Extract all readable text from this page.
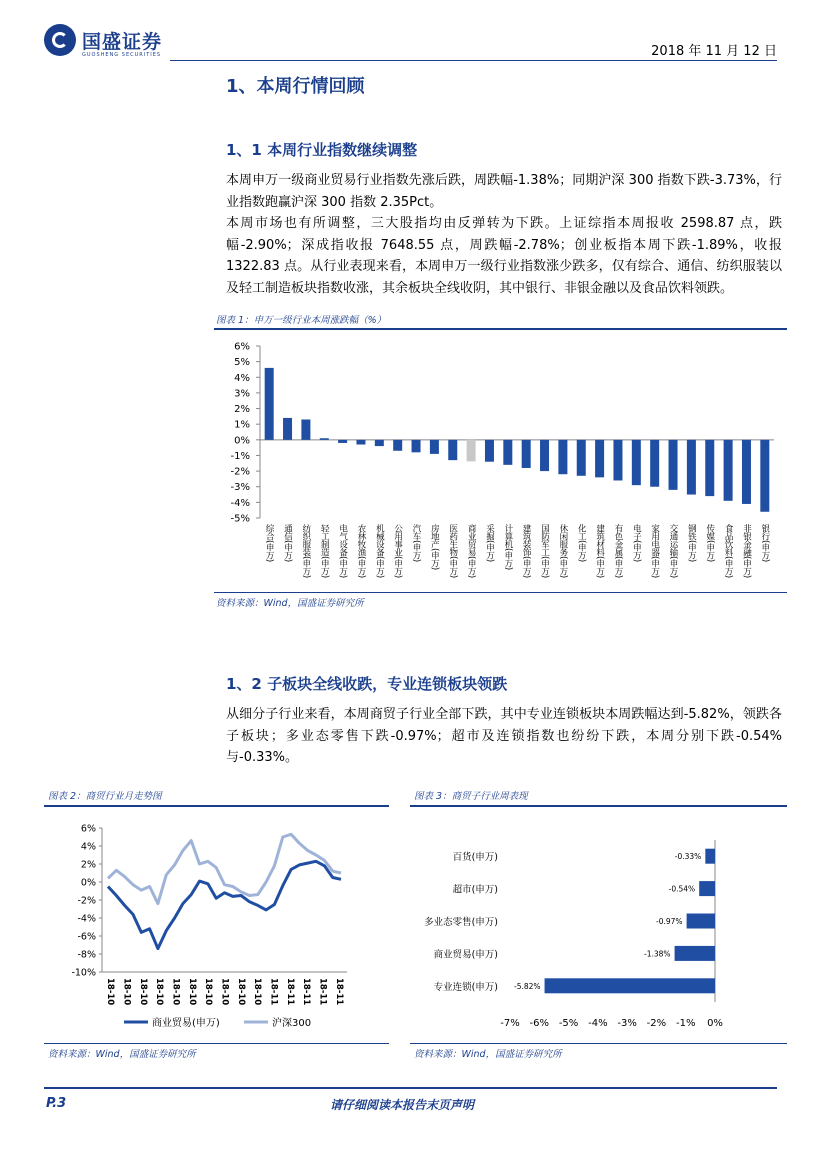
国盛证券
GUOSHENG SECURITIES	2018 年 11 月 12 日
1、本周行情回顾
1、1 本周行业指数继续调整
本周申万一级商业贸易行业指数先涨后跌，周跌幅-1.38%；同期沪深 300 指数下跌-3.73%，行业指数跑赢沪深 300 指数 2.35Pct。
本周市场也有所调整，三大股指均由反弹转为下跌。上证综指本周报收 2598.87 点，跌幅-2.90%；深成指收报 7648.55 点，周跌幅-2.78%；创业板指本周下跌-1.89%，收报 1322.83 点。从行业表现来看，本周申万一级行业指数涨少跌多，仅有综合、通信、纺织服装以及轻工制造板块指数收涨，其余板块全线收阴，其中银行、非银金融以及食品饮料领跌。
图表 1：申万一级行业本周涨跌幅（%）
6%
5%
4%
3%
2%
1%
0%
-1%
-2%
-3%
-4%
-5%
综合(申万) 通信(申万) 纺织服装(申万) 轻工制造(申万) 电气设备(申万) 农林牧渔(申万) 机械设备(申万) 公用事业(申万) 汽车(申万) 房地产(申万) 医药生物(申万) 商业贸易(申万) 采掘(申万) 计算机(申万) 建筑装饰(申万) 国防军工(申万) 休闲服务(申万) 化工(申万) 建筑材料(申万) 有色金属(申万) 电子(申万) 家用电器(申万) 交通运输(申万) 钢铁(申万) 传媒(申万) 食品饮料(申万) 非银金融(申万) 银行(申万)
资料来源：Wind，国盛证券研究所
1、2 子板块全线收跌，专业连锁板块领跌
从细分子行业来看，本周商贸子行业全部下跌，其中专业连锁板块本周跌幅达到-5.82%，领跌各子板块；多业态零售下跌-0.97%；超市及连锁指数也纷纷下跌，本周分别下跌-0.54%与-0.33%。
图表 2：商贸行业月走势图
6%
4%
2%
0%
-2%
-4%
-6%
-8%
-10%
18-10 18-10 18-10 18-10 18-10 18-10 18-10 18-10 18-10 18-10 18-11 18-11 18-11 18-11 18-11
商业贸易(申万)	沪深300
资料来源：Wind，国盛证券研究所
图表 3：商贸子行业周表现
百货(申万)	-0.33%
超市(申万)	-0.54%
多业态零售(申万)	-0.97%
商业贸易(申万)	-1.38%
专业连锁(申万) -5.82%
-7% -6% -5% -4% -3% -2% -1% 0%
资料来源：Wind，国盛证券研究所
P.3	请仔细阅读本报告末页声明
